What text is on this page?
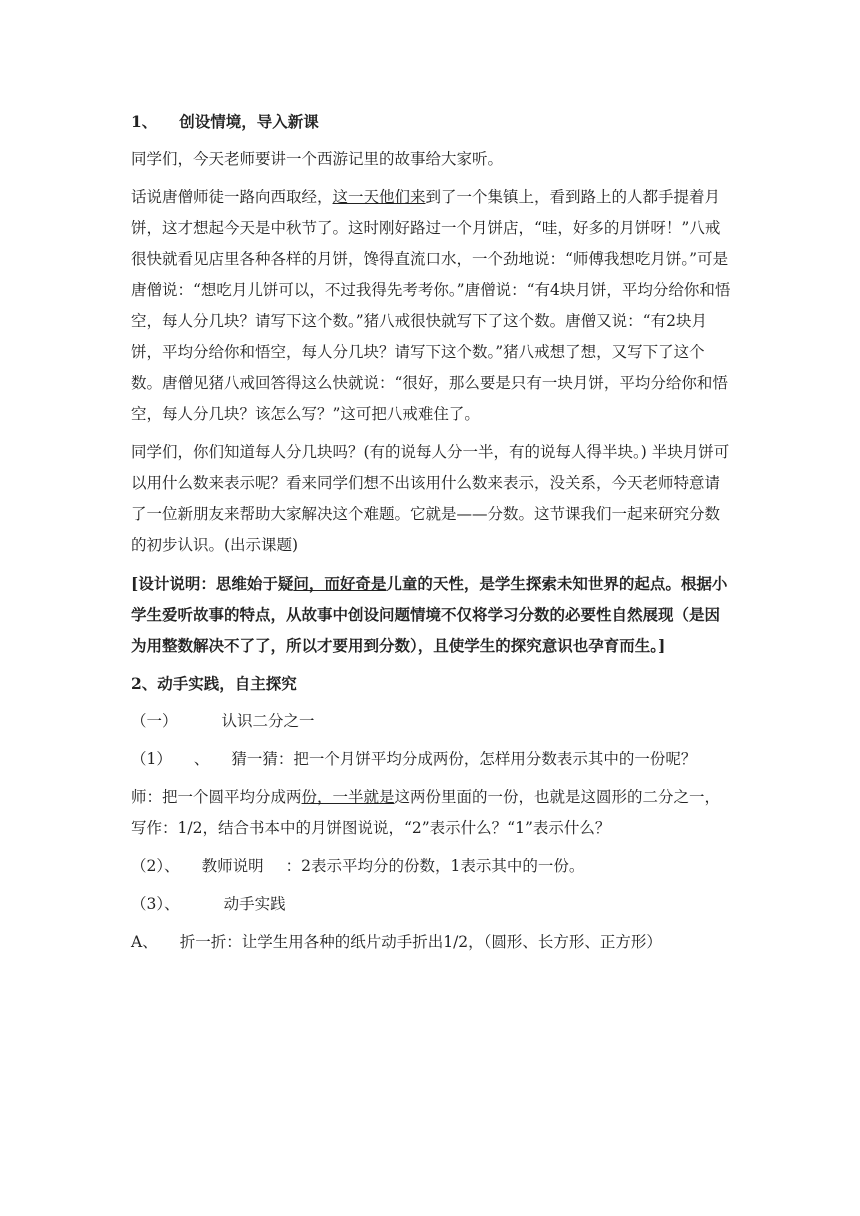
1、 创设情境，导入新课

同学们，今天老师要讲一个西游记里的故事给大家听。

话说唐僧师徒一路向西取经，这一天他们来到了一个集镇上，看到路上的人都手提着月饼，这才想起今天是中秋节了。这时刚好路过一个月饼店，“哇，好多的月饼呀！”八戒很快就看见店里各种各样的月饼，馋得直流口水，一个劲地说：“师傅我想吃月饼。”可是唐僧说：“想吃月儿饼可以，不过我得先考考你。”唐僧说：“有4块月饼，平均分给你和悟空，每人分几块？请写下这个数。”猪八戒很快就写下了这个数。唐僧又说：“有2块月饼，平均分给你和悟空，每人分几块？请写下这个数。”猪八戒想了想，又写下了这个数。唐僧见猪八戒回答得这么快就说：“很好，那么要是只有一块月饼，平均分给你和悟空，每人分几块？该怎么写？”这可把八戒难住了。

同学们，你们知道每人分几块吗？(有的说每人分一半，有的说每人得半块。) 半块月饼可以用什么数来表示呢？看来同学们想不出该用什么数来表示，没关系，今天老师特意请了一位新朋友来帮助大家解决这个难题。它就是——分数。这节课我们一起来研究分数的初步认识。(出示课题)

[设计说明：思维始于疑问，而好奇是儿童的天性，是学生探索未知世界的起点。根据小学生爱听故事的特点，从故事中创设问题情境不仅将学习分数的必要性自然展现（是因为用整数解决不了了，所以才要用到分数），且使学生的探究意识也孕育而生。]

2、动手实践，自主探究

（一）	认识二分之一

（1） 、 猜一猜：把一个月饼平均分成两份，怎样用分数表示其中的一份呢？

师：把一个圆平均分成两份，一半就是这两份里面的一份，也就是这圆形的二分之一，写作：1/2，结合书本中的月饼图说说，“2”表示什么？“1”表示什么？

（2）、 教师说明 ：2表示平均分的份数，1表示其中的一份。

（3）、	动手实践

A、 折一折：让学生用各种的纸片动手折出1/2，（圆形、长方形、正方形）
